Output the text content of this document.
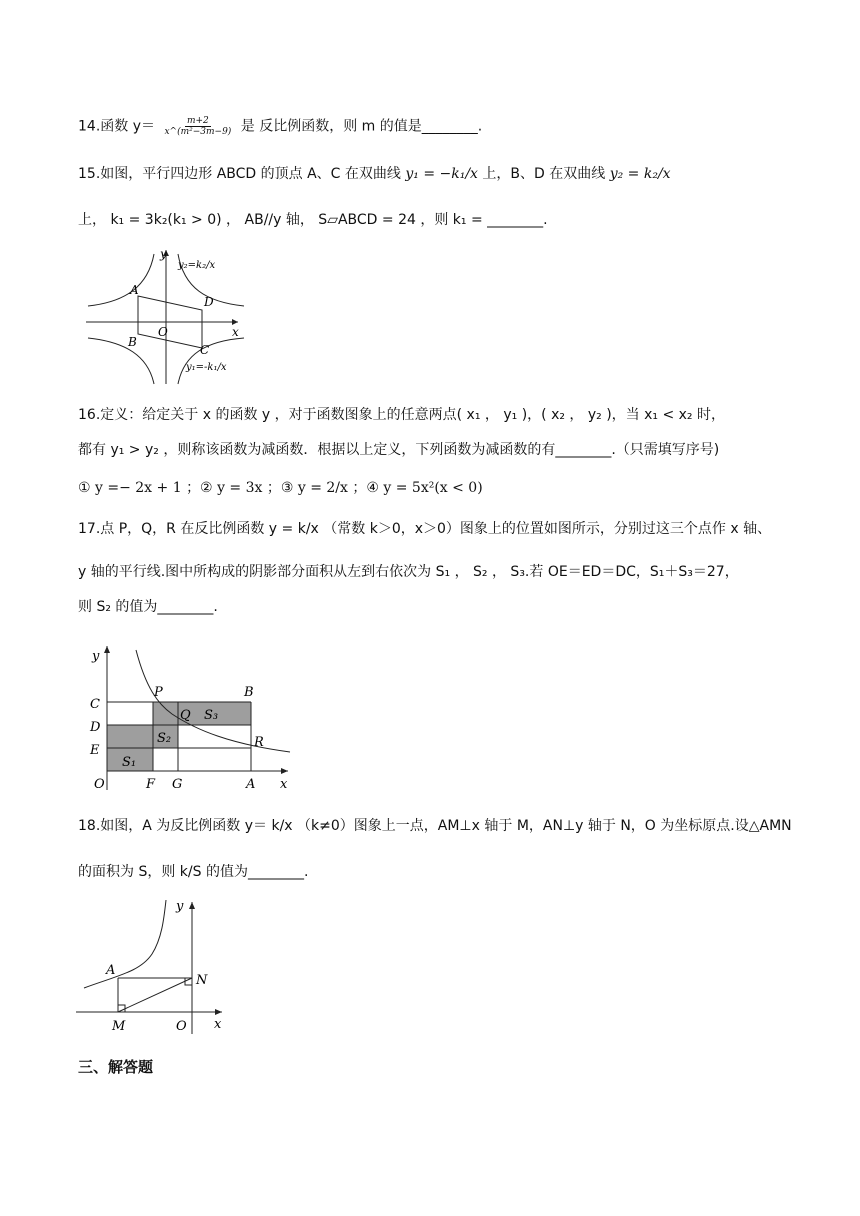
14.函数 $y= \frac{m+2}{\text{x\textasciicircum{}(m²−3m−9)}}$ 是 反比例函数，则 m 的值是________.
15.如图，平行四边形 ABCD 的顶点 A、C 在双曲线 y₁ = −k₁/x 上，B、D 在双曲线 y₂ = k₂/x
上， k₁ = 3k₂(k₁ > 0) ， AB//y 轴， S▱ABCD = 24 ，则 k₁ = ________.
y
x
O
A
B
C
D
y₂=k₂/x
y₁=-k₁/x
16.定义：给定关于 x 的函数 y ，对于函数图象上的任意两点( x₁ ， y₁ )，( x₂ ， y₂ )，当 x₁ < x₂ 时，
都有 y₁ > y₂ ，则称该函数为减函数．根据以上定义，下列函数为减函数的有________.（只需填写序号)
① y =− 2x + 1 ；② y = 3x ；③ y = 2/x ；④ y = 5x²(x < 0)
17.点 P，Q，R 在反比例函数 y = k/x （常数 k＞0，x＞0）图象上的位置如图所示，分别过这三个点作 x 轴、
y 轴的平行线.图中所构成的阴影部分面积从左到右依次为 S₁ ， S₂ ， S₃.若 OE＝ED＝DC，S₁＋S₃＝27，
则 S₂ 的值为________.
y
x
O
C
D
E
P	B
Q S₃
S₂
S₁
R
F G	A
18.如图，A 为反比例函数 y＝ k/x （k≠0）图象上一点，AM⊥x 轴于 M，AN⊥y 轴于 N，O 为坐标原点.设△AMN
的面积为 S，则 k/S 的值为________.
y
x
A
N
M	O
三、解答题
